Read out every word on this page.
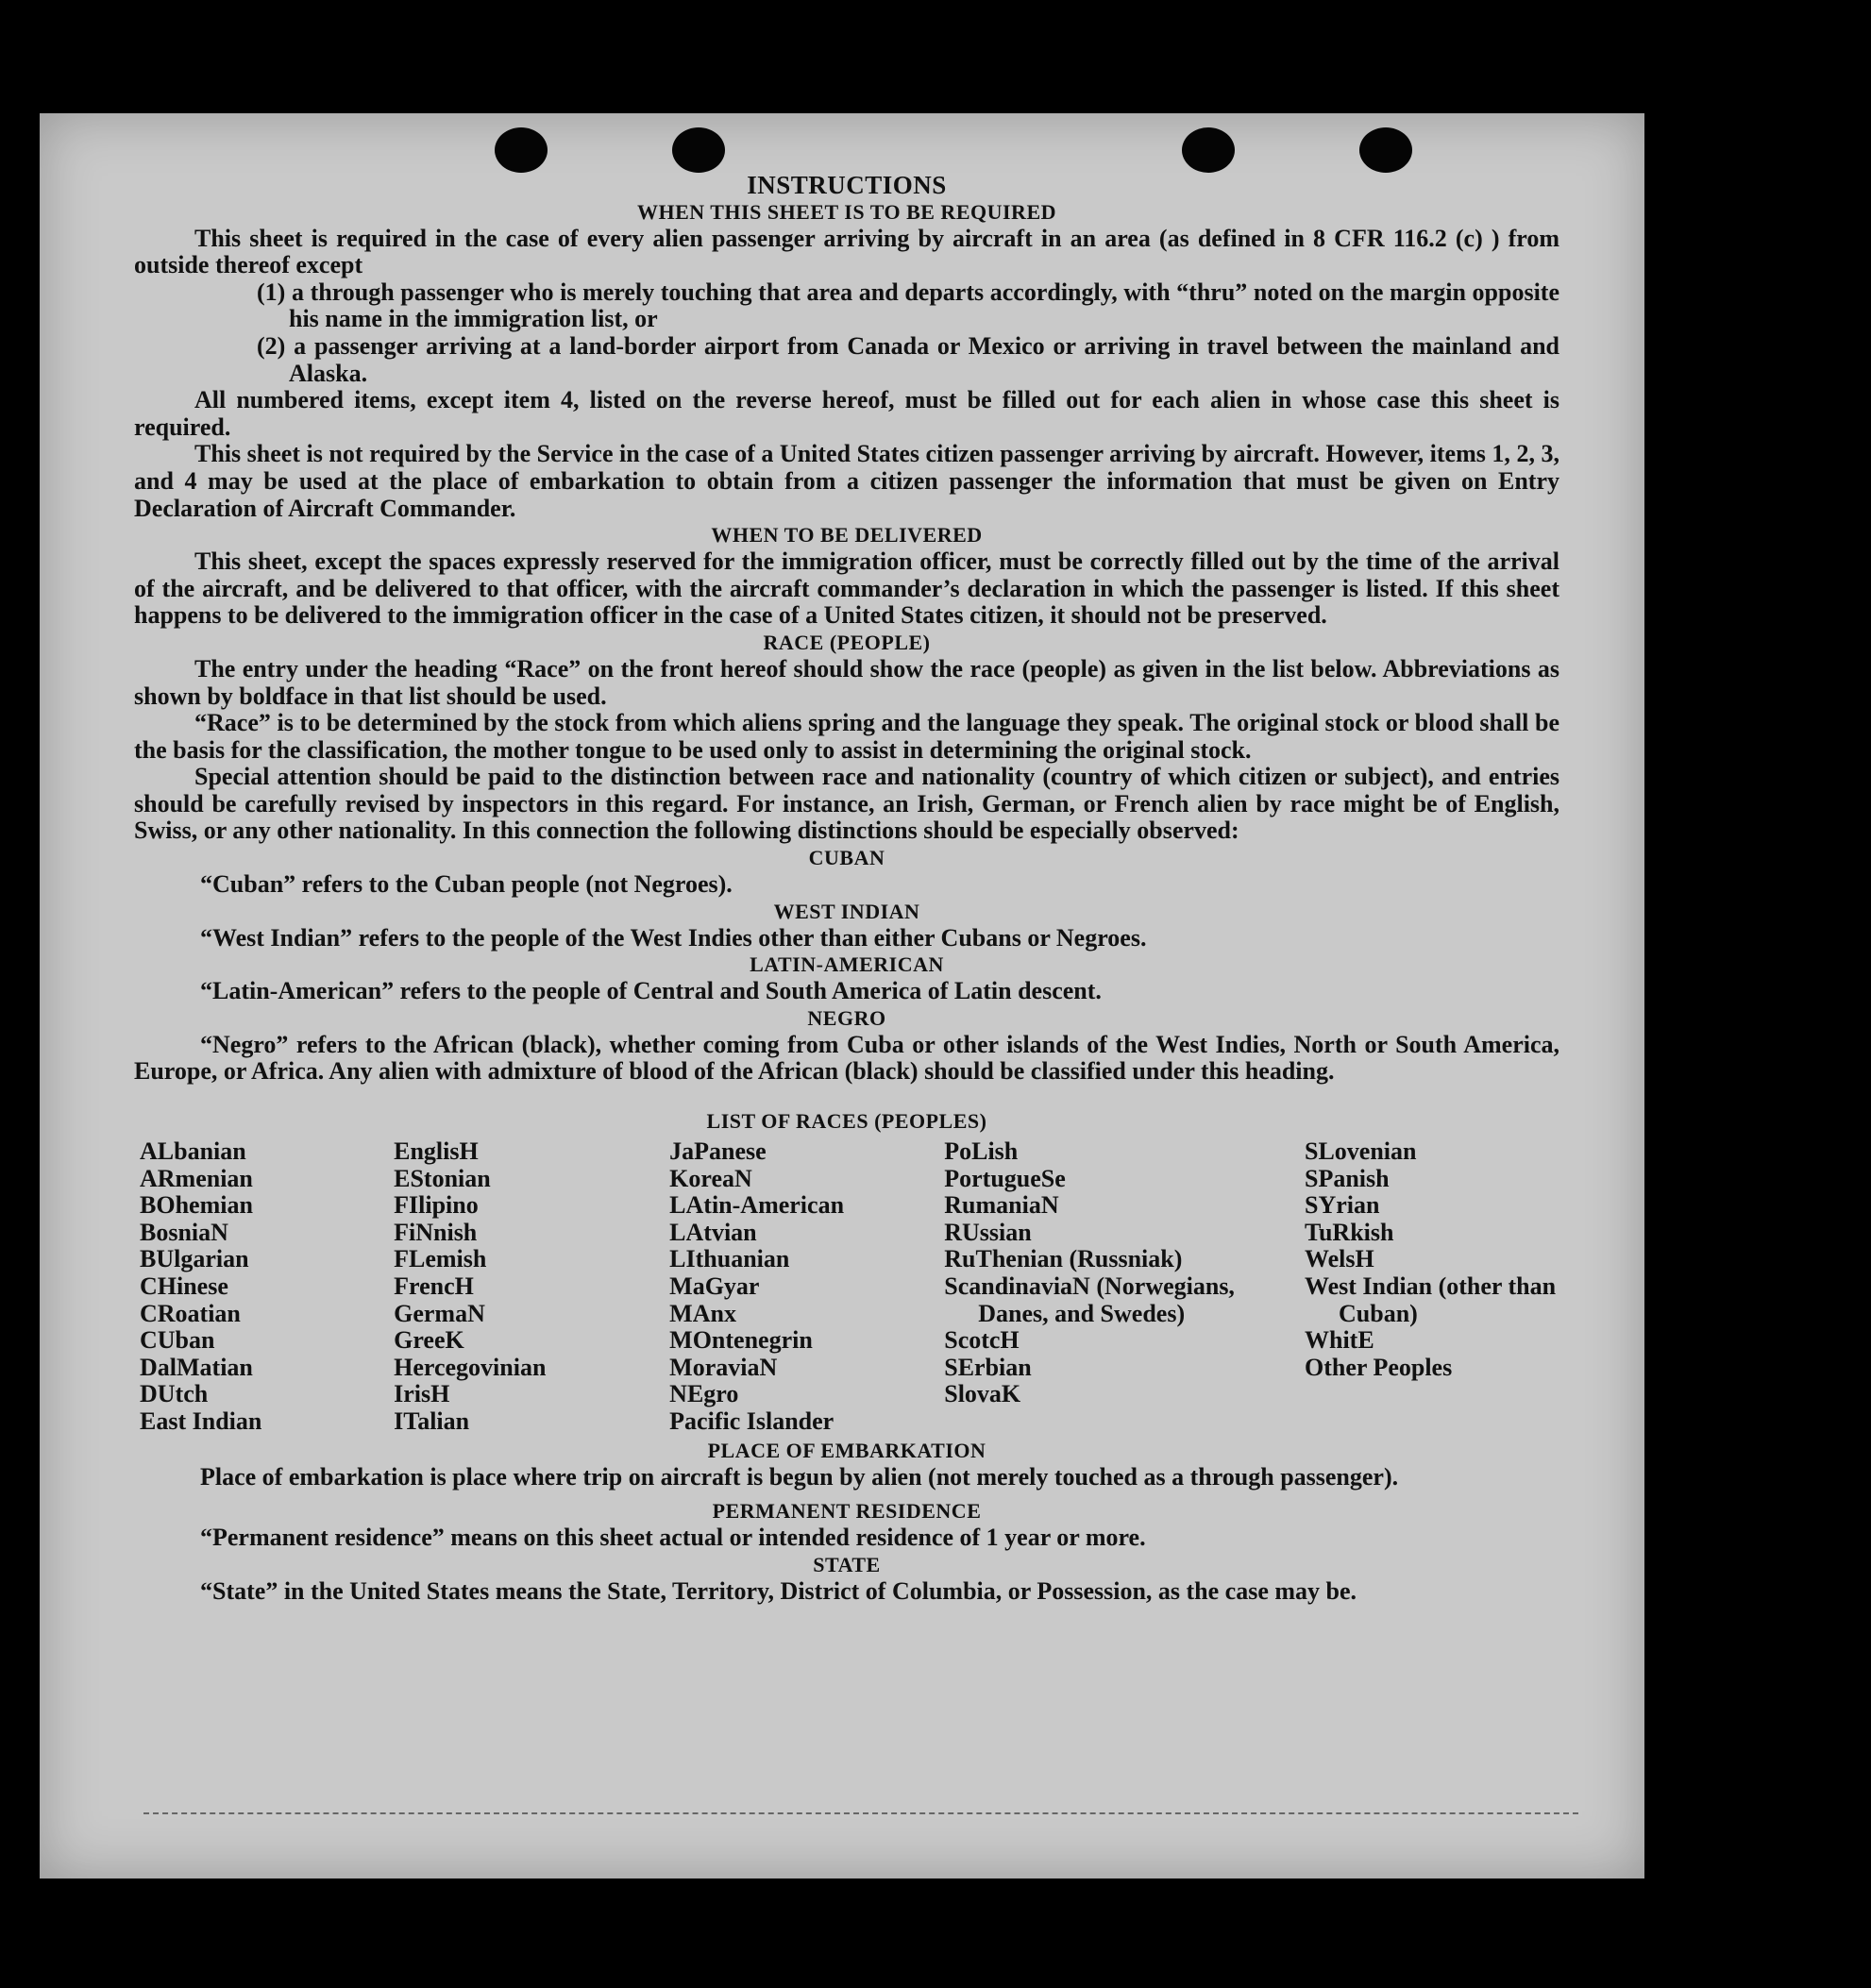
INSTRUCTIONS
WHEN THIS SHEET IS TO BE REQUIRED

This sheet is required in the case of every alien passenger arriving by aircraft in an area (as defined in 8 CFR 116.2 (c) ) from outside thereof except

(1) a through passenger who is merely touching that area and departs accordingly, with “thru” noted on the margin opposite his name in the immigration list, or
(2) a passenger arriving at a land-border airport from Canada or Mexico or arriving in travel between the mainland and Alaska.

All numbered items, except item 4, listed on the reverse hereof, must be filled out for each alien in whose case this sheet is required.

This sheet is not required by the Service in the case of a United States citizen passenger arriving by aircraft. However, items 1, 2, 3, and 4 may be used at the place of embarkation to obtain from a citizen passenger the information that must be given on Entry Declaration of Aircraft Commander.

WHEN TO BE DELIVERED

This sheet, except the spaces expressly reserved for the immigration officer, must be correctly filled out by the time of the arrival of the aircraft, and be delivered to that officer, with the aircraft commander’s declaration in which the passenger is listed. If this sheet happens to be delivered to the immigration officer in the case of a United States citizen, it should not be preserved.

RACE (PEOPLE)

The entry under the heading “Race” on the front hereof should show the race (people) as given in the list below. Abbreviations as shown by boldface in that list should be used.

“Race” is to be determined by the stock from which aliens spring and the language they speak. The original stock or blood shall be the basis for the classification, the mother tongue to be used only to assist in determining the original stock.

Special attention should be paid to the distinction between race and nationality (country of which citizen or subject), and entries should be carefully revised by inspectors in this regard. For instance, an Irish, German, or French alien by race might be of English, Swiss, or any other nationality. In this connection the following distinctions should be especially observed:

CUBAN

“Cuban” refers to the Cuban people (not Negroes).

WEST INDIAN

“West Indian” refers to the people of the West Indies other than either Cubans or Negroes.

LATIN-AMERICAN

“Latin-American” refers to the people of Central and South America of Latin descent.

NEGRO

“Negro” refers to the African (black), whether coming from Cuba or other islands of the West Indies, North or South America, Europe, or Africa. Any alien with admixture of blood of the African (black) should be classified under this heading.

LIST OF RACES (PEOPLES)
ALbanian
ARmenian
BOhemian
BosniaN
BUlgarian
CHinese
CRoatian
CUban
DalMatian
DUtch
East Indian
EnglisH
EStonian
FIlipino
FiNnish
FLemish
FrencH
GermaN
GreeK
Hercegovinian
IrisH
ITalian
JaPanese
KoreaN
LAtin-American
LAtvian
LIthuanian
MaGyar
MAnx
MOntenegrin
MoraviaN
NEgro
Pacific Islander
PoLish
PortugueSe
RumaniaN
RUssian
RuThenian (Russniak)
ScandinaviaN (Norwegians, Danes, and Swedes)
ScotcH
SErbian
SlovaK
SLovenian
SPanish
SYrian
TuRkish
WelsH
West Indian (other than Cuban)
WhitE
Other Peoples
PLACE OF EMBARKATION

Place of embarkation is place where trip on aircraft is begun by alien (not merely touched as a through passenger).

PERMANENT RESIDENCE

“Permanent residence” means on this sheet actual or intended residence of 1 year or more.

STATE

“State” in the United States means the State, Territory, District of Columbia, or Possession, as the case may be.
